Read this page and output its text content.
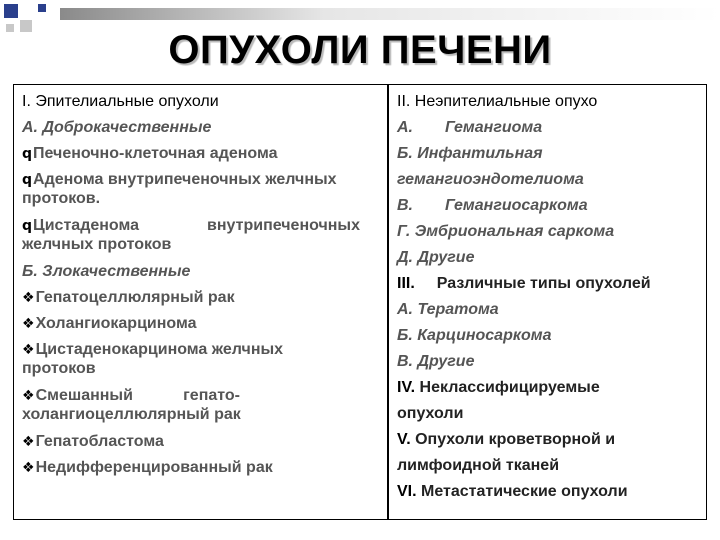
ОПУХОЛИ ПЕЧЕНИ
I. Эпителиальные опухоли
А. Доброкачественные
qПеченочно-клеточная аденома
qАденома внутрипеченочных желчных
протоков.
qЦистаденома	внутрипеченочных
желчных протоков
Б. Злокачественные
❖Гепатоцеллюлярный рак
❖Холангиокарцинома
❖Цистаденокарцинома желчных
протоков
❖Смешанный	гепато-
холангиоцеллюлярный рак
❖Гепатобластома
❖Недифференцированный рак
II. Неэпителиальные опухо
А. Гемангиома
Б. Инфантильная
гемангиоэндотелиома
В. Гемангиосаркома
Г. Эмбриональная саркома
Д. Другие
III. Различные типы опухолей
А. Тератома
Б. Карциносаркома
В. Другие
IV. Неклассифицируемые
опухоли
V. Опухоли кроветворной и
лимфоидной тканей
VI. Метастатические опухоли
